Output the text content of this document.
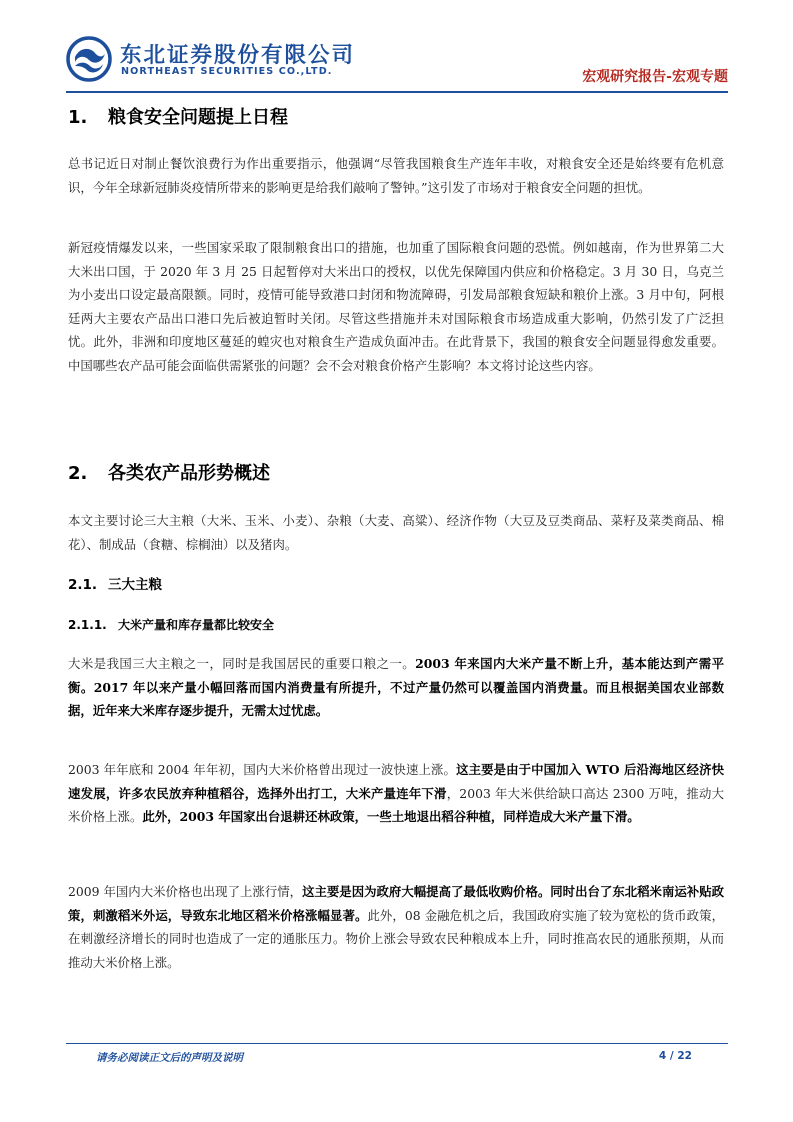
东北证券股份有限公司
NORTHEAST SECURITIES CO.,LTD.	宏观研究报告-宏观专题
1. 粮食安全问题提上日程

总书记近日对制止餐饮浪费行为作出重要指示，他强调“尽管我国粮食生产连年丰收，对粮食安全还是始终要有危机意识，今年全球新冠肺炎疫情所带来的影响更是给我们敲响了警钟。”这引发了市场对于粮食安全问题的担忧。

新冠疫情爆发以来，一些国家采取了限制粮食出口的措施，也加重了国际粮食问题的恐慌。例如越南，作为世界第二大大米出口国，于 2020 年 3 月 25 日起暂停对大米出口的授权，以优先保障国内供应和价格稳定。3 月 30 日，乌克兰为小麦出口设定最高限额。同时，疫情可能导致港口封闭和物流障碍，引发局部粮食短缺和粮价上涨。3 月中旬，阿根廷两大主要农产品出口港口先后被迫暂时关闭。尽管这些措施并未对国际粮食市场造成重大影响，仍然引发了广泛担忧。此外，非洲和印度地区蔓延的蝗灾也对粮食生产造成负面冲击。在此背景下，我国的粮食安全问题显得愈发重要。中国哪些农产品可能会面临供需紧张的问题？会不会对粮食价格产生影响？本文将讨论这些内容。

2. 各类农产品形势概述

本文主要讨论三大主粮（大米、玉米、小麦）、杂粮（大麦、高粱）、经济作物（大豆及豆类商品、菜籽及菜类商品、棉花）、制成品（食糖、棕榈油）以及猪肉。

2.1. 三大主粮
2.1.1. 大米产量和库存量都比较安全

大米是我国三大主粮之一，同时是我国居民的重要口粮之一。2003 年来国内大米产量不断上升，基本能达到产需平衡。2017 年以来产量小幅回落而国内消费量有所提升，不过产量仍然可以覆盖国内消费量。而且根据美国农业部数据，近年来大米库存逐步提升，无需太过忧虑。

2003 年年底和 2004 年年初，国内大米价格曾出现过一波快速上涨。这主要是由于中国加入 WTO 后沿海地区经济快速发展，许多农民放弃种植稻谷，选择外出打工，大米产量连年下滑，2003 年大米供给缺口高达 2300 万吨，推动大米价格上涨。此外，2003 年国家出台退耕还林政策，一些土地退出稻谷种植，同样造成大米产量下滑。

2009 年国内大米价格也出现了上涨行情，这主要是因为政府大幅提高了最低收购价格。同时出台了东北稻米南运补贴政策，刺激稻米外运，导致东北地区稻米价格涨幅显著。此外，08 金融危机之后，我国政府实施了较为宽松的货币政策，在刺激经济增长的同时也造成了一定的通胀压力。物价上涨会导致农民种粮成本上升，同时推高农民的通胀预期，从而推动大米价格上涨。

请务必阅读正文后的声明及说明	4 / 22
